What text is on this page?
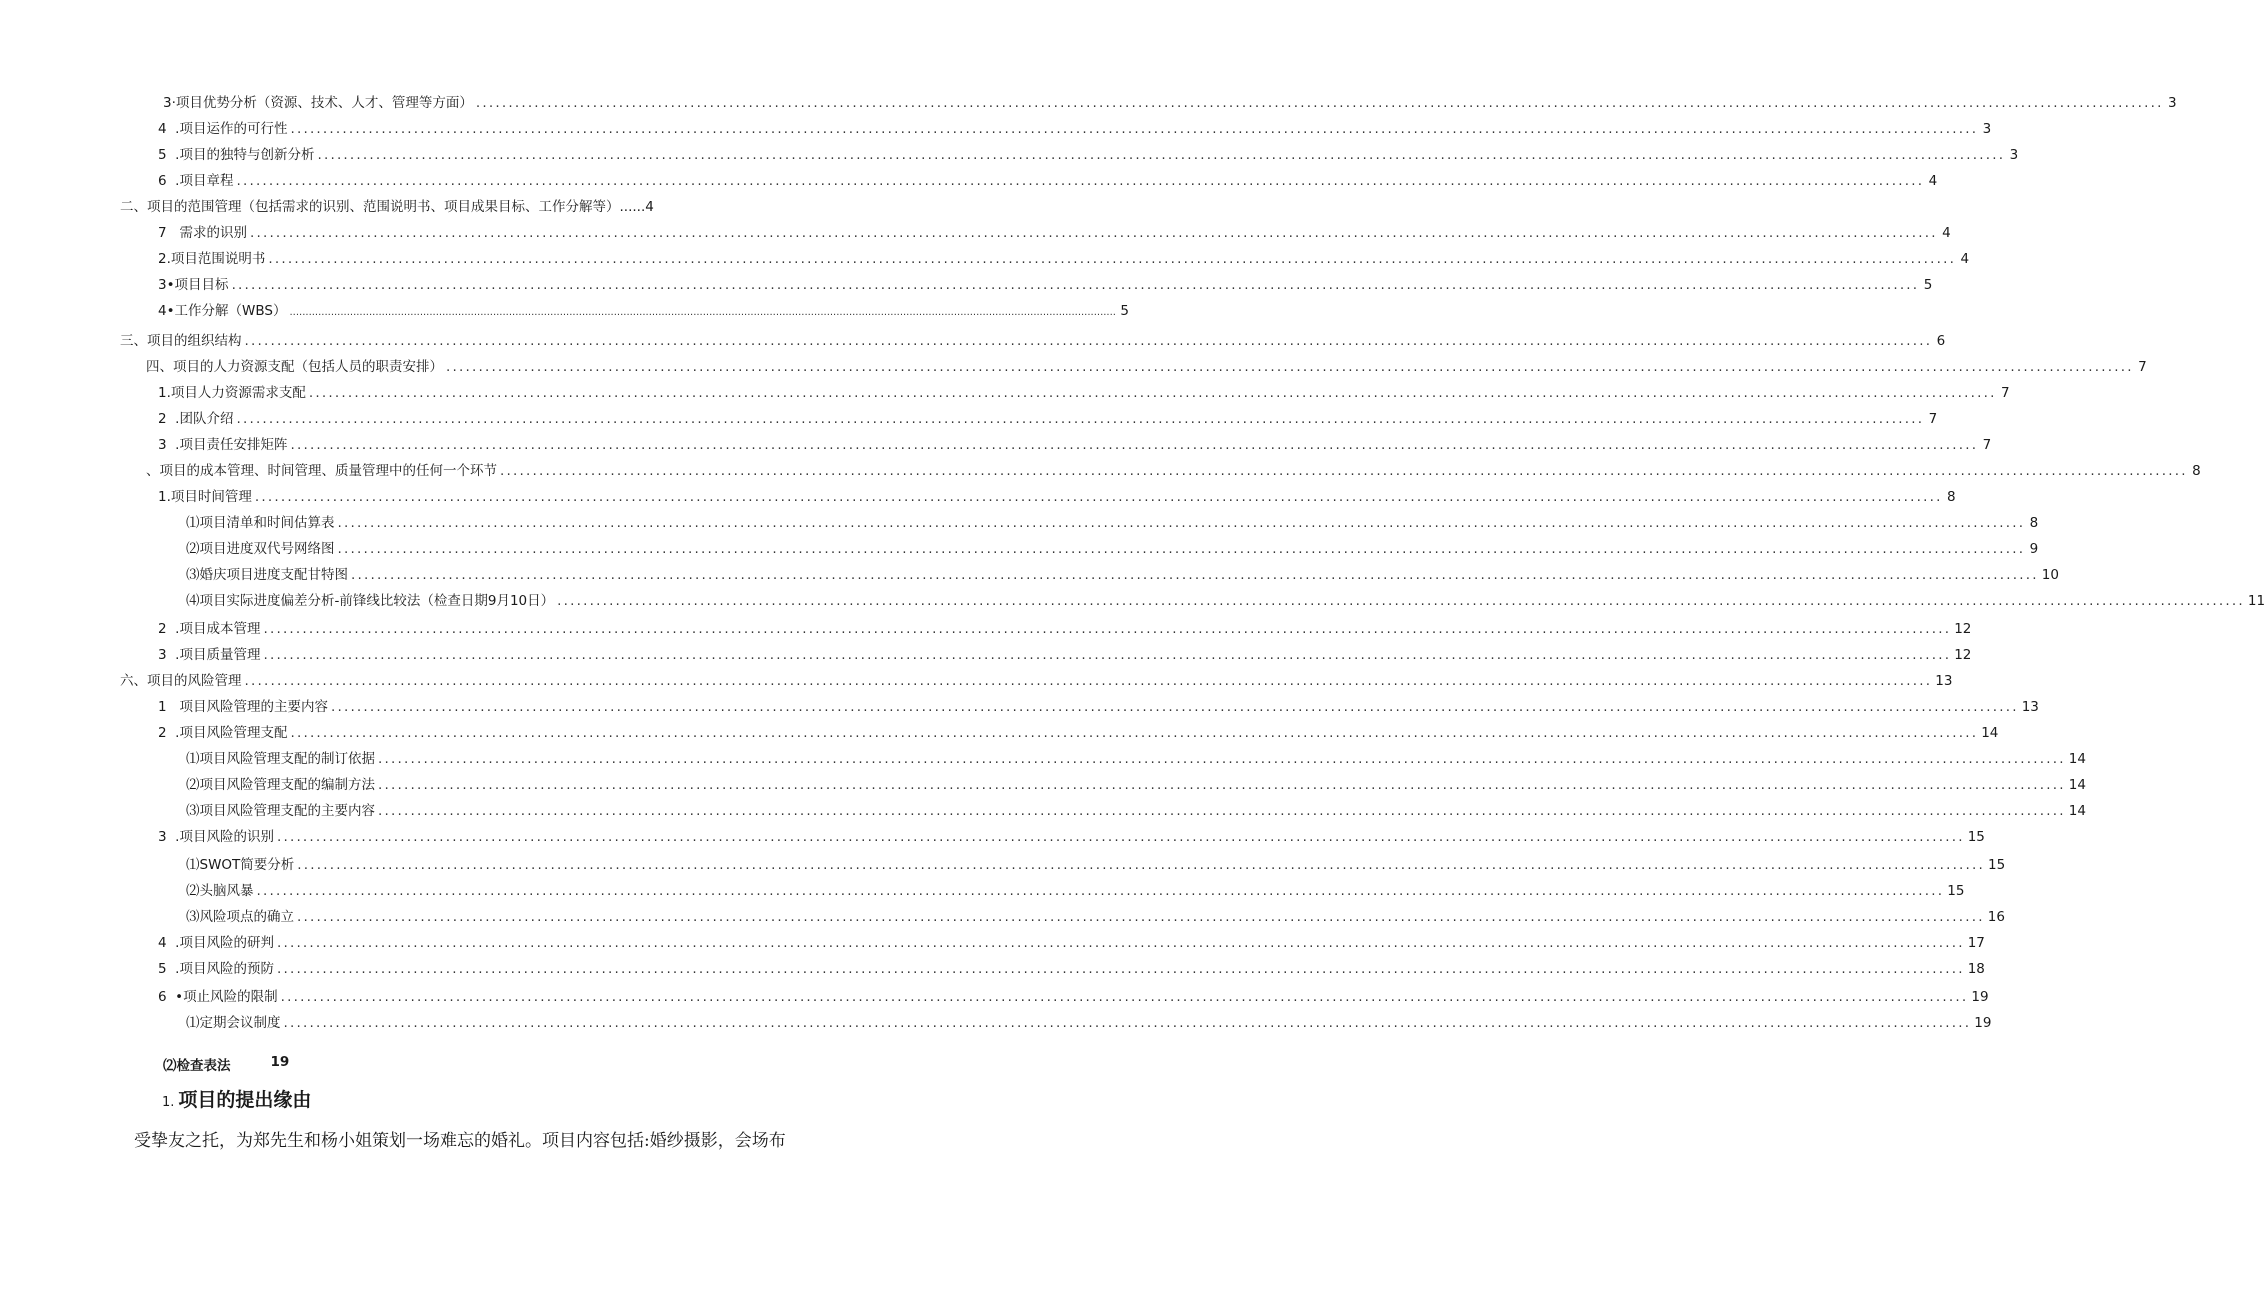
3·项目优势分析（资源、技术、人才、管理等方面） .................................................................................................................................................................................................................................................................... 3
4  .项目运作的可行性 .................................................................................................................................................................................................................................................................... 3
5  .项目的独特与创新分析 .................................................................................................................................................................................................................................................................... 3
6  .项目章程 .................................................................................................................................................................................................................................................................... 4
二、项目的范围管理（包括需求的识别、范围说明书、项目成果目标、工作分解等）......4
7   需求的识别 .................................................................................................................................................................................................................................................................... 4
2.项目范围说明书 .................................................................................................................................................................................................................................................................... 4
3•项目目标 .................................................................................................................................................................................................................................................................... 5
4•工作分解（WBS） .................................................................................................................................................................................................................................................................... 5
三、项目的组织结构 .................................................................................................................................................................................................................................................................... 6
四、项目的人力资源支配（包括人员的职责安排） .................................................................................................................................................................................................................................................................... 7
1.项目人力资源需求支配 .................................................................................................................................................................................................................................................................... 7
2  .团队介绍 .................................................................................................................................................................................................................................................................... 7
3  .项目责任安排矩阵 .................................................................................................................................................................................................................................................................... 7
、项目的成本管理、时间管理、质量管理中的任何一个环节 .................................................................................................................................................................................................................................................................... 8
1.项目时间管理 .................................................................................................................................................................................................................................................................... 8
⑴项目清单和时间估算表 .................................................................................................................................................................................................................................................................... 8
⑵项目进度双代号网络图 .................................................................................................................................................................................................................................................................... 9
⑶婚庆项目进度支配甘特图 .................................................................................................................................................................................................................................................................... 10
⑷项目实际进度偏差分析-前锋线比较法（检查日期9月10日） .................................................................................................................................................................................................................................................................... 11
2  .项目成本管理 .................................................................................................................................................................................................................................................................... 12
3  .项目质量管理 .................................................................................................................................................................................................................................................................... 12
六、项目的风险管理 .................................................................................................................................................................................................................................................................... 13
1   项目风险管理的主要内容 .................................................................................................................................................................................................................................................................... 13
2  .项目风险管理支配 .................................................................................................................................................................................................................................................................... 14
⑴项目风险管理支配的制订依据 .................................................................................................................................................................................................................................................................... 14
⑵项目风险管理支配的编制方法 .................................................................................................................................................................................................................................................................... 14
⑶项目风险管理支配的主要内容 .................................................................................................................................................................................................................................................................... 14
3  .项目风险的识别 .................................................................................................................................................................................................................................................................... 15
⑴SWOT简要分析 .................................................................................................................................................................................................................................................................... 15
⑵头脑风暴 .................................................................................................................................................................................................................................................................... 15
⑶风险项点的确立 .................................................................................................................................................................................................................................................................... 16
4  .项目风险的研判 .................................................................................................................................................................................................................................................................... 17
5  .项目风险的预防 .................................................................................................................................................................................................................................................................... 18
6  •项止风险的限制 .................................................................................................................................................................................................................................................................... 19
⑴定期会议制度 .................................................................................................................................................................................................................................................................... 19
⑵检查表法	19
1. 项目的提出缘由
受挚友之托，为郑先生和杨小姐策划一场难忘的婚礼。项目内容包括:婚纱摄影，会场布
